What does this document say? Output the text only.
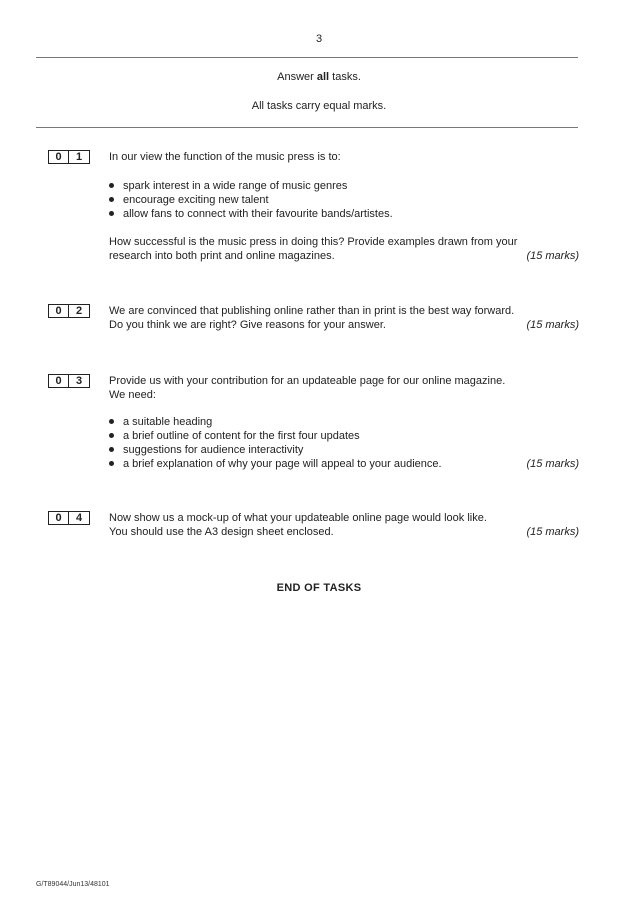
3
Answer all tasks.
All tasks carry equal marks.
0	1	In our view the function of the music press is to:
spark interest in a wide range of music genres
encourage exciting new talent
allow fans to connect with their favourite bands/artistes.
How successful is the music press in doing this? Provide examples drawn from your
research into both print and online magazines.	(15 marks)
0	2	We are convinced that publishing online rather than in print is the best way forward.
Do you think we are right? Give reasons for your answer.	(15 marks)
0	3	Provide us with your contribution for an updateable page for our online magazine.
We need:
a suitable heading
a brief outline of content for the first four updates
suggestions for audience interactivity
a brief explanation of why your page will appeal to your audience.	(15 marks)
0	4	Now show us a mock-up of what your updateable online page would look like.
You should use the A3 design sheet enclosed.	(15 marks)
END OF TASKS
G/T89044/Jun13/48101
